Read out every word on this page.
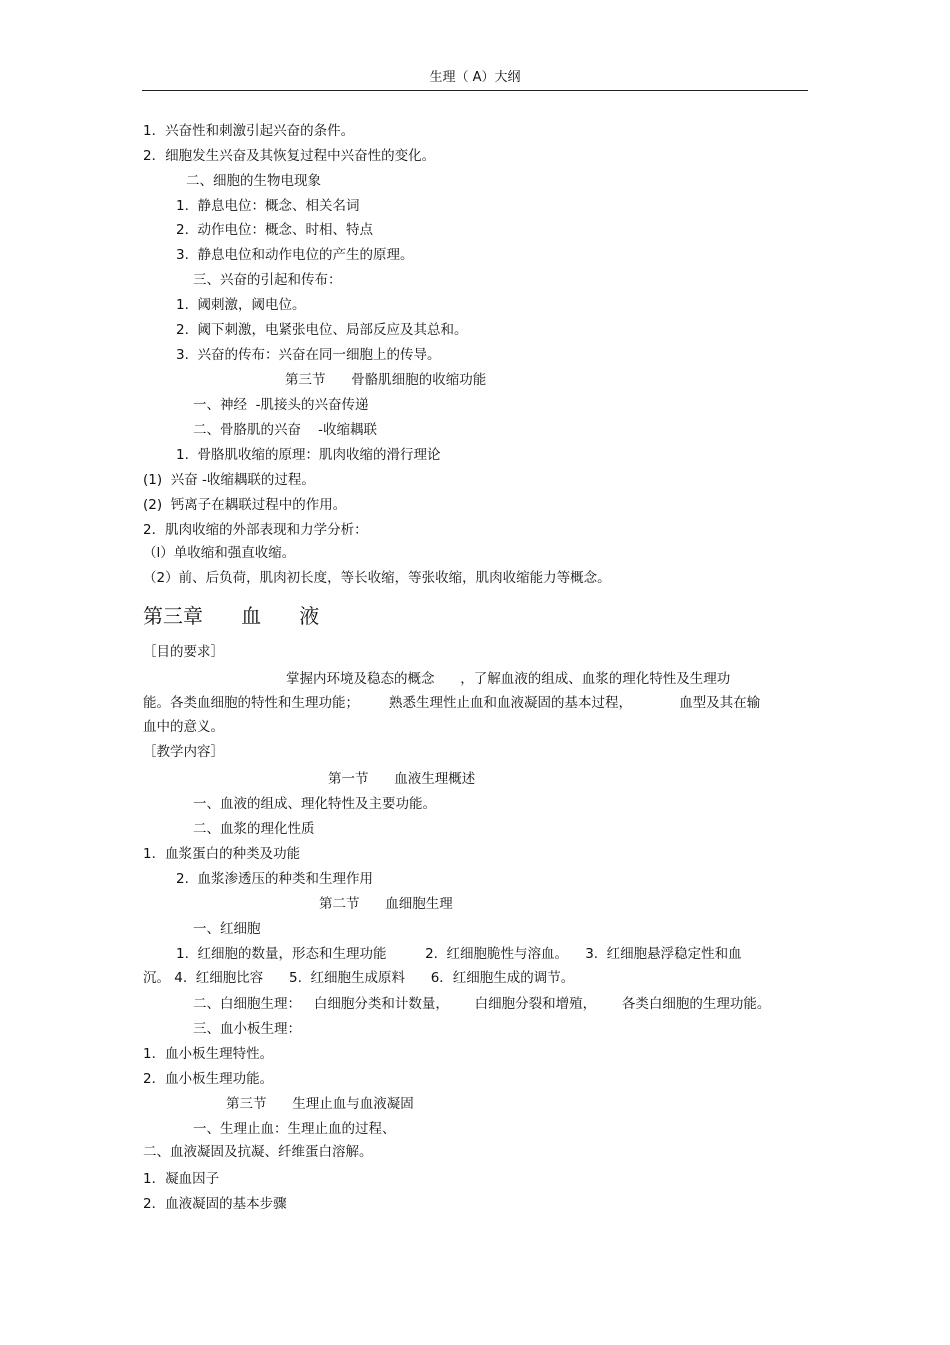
生理（ A）大纲
1．兴奋性和刺激引起兴奋的条件。
2．细胞发生兴奋及其恢复过程中兴奋性的变化。
二、细胞的生物电现象
1.  静息电位：概念、相关名词
2.  动作电位：概念、时相、特点
3.  静息电位和动作电位的产生的原理。
三、兴奋的引起和传布：
1.  阈刺激，阈电位。
2.  阈下刺激，电紧张电位、局部反应及其总和。
3.  兴奋的传布：兴奋在同一细胞上的传导。
第三节      骨骼肌细胞的收缩功能
一、神经  -肌接头的兴奋传递
二、骨胳肌的兴奋    -收缩耦联
1.  骨胳肌收缩的原理：肌肉收缩的滑行理论
(1)  兴奋 -收缩耦联的过程。
(2)  钙离子在耦联过程中的作用。
2．肌肉收缩的外部表现和力学分析：
（l）单收缩和强直收缩。
（2）前、后负荷，肌肉初长度，等长收缩，等张收缩，肌肉收缩能力等概念。
第三章      血      液
［目的要求］
掌握内环境及稳态的概念      ，了解血液的组成、血浆的理化特性及生理功
能。各类血细胞的特性和生理功能；       熟悉生理性止血和血液凝固的基本过程，           血型及其在输
血中的意义。
［教学内容］
第一节      血液生理概述
一、血液的组成、理化特性及主要功能。
二、血浆的理化性质
1．血浆蛋白的种类及功能
2.  血浆渗透压的种类和生理作用
第二节      血细胞生理
一、红细胞
1.  红细胞的数量，形态和生理功能         2.  红细胞脆性与溶血。    3.  红细胞悬浮稳定性和血
沉。 4.  红细胞比容      5.  红细胞生成原料      6．红细胞生成的调节。
二、白细胞生理：   白细胞分类和计数量，      白细胞分裂和增殖，      各类白细胞的生理功能。
三、血小板生理：
1．血小板生理特性。
2．血小板生理功能。
第三节      生理止血与血液凝固
一、生理止血：生理止血的过程、
二、血液凝固及抗凝、纤维蛋白溶解。
1．凝血因子
2．血液凝固的基本步骤
